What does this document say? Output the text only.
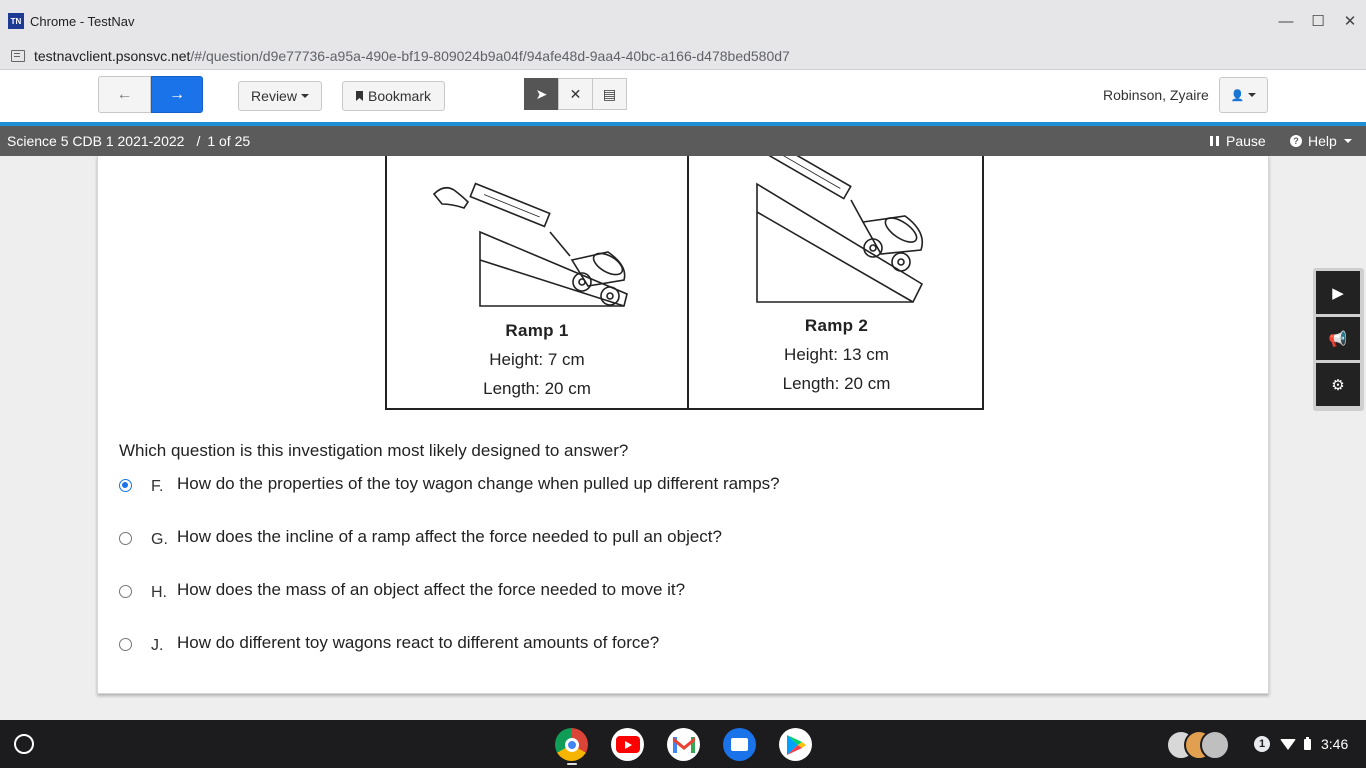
TN Chrome - TestNav	— ☐ ✕
testnavclient.psonsvc.net/#/question/d9e77736-a95a-490e-bf19-809024b9a04f/94afe48d-9aa4-40bc-a166-d478bed580d7
←	→	Review	Bookmark	➤	✕	▤	Robinson, Zyaire 👤
Science 5 CDB 1 2021-2022 / 1 of 25	Pause	? Help
Ramp 1
Height: 7 cm
Length: 20 cm
Ramp 2
Height: 13 cm
Length: 20 cm
Which question is this investigation most likely designed to answer?
F. How do the properties of the toy wagon change when pulled up different ramps?
G. How does the incline of a ramp affect the force needed to pull an object?
H. How does the mass of an object affect the force needed to move it?
J. How do different toy wagons react to different amounts of force?
▶
📢
⚙
1	3:46
